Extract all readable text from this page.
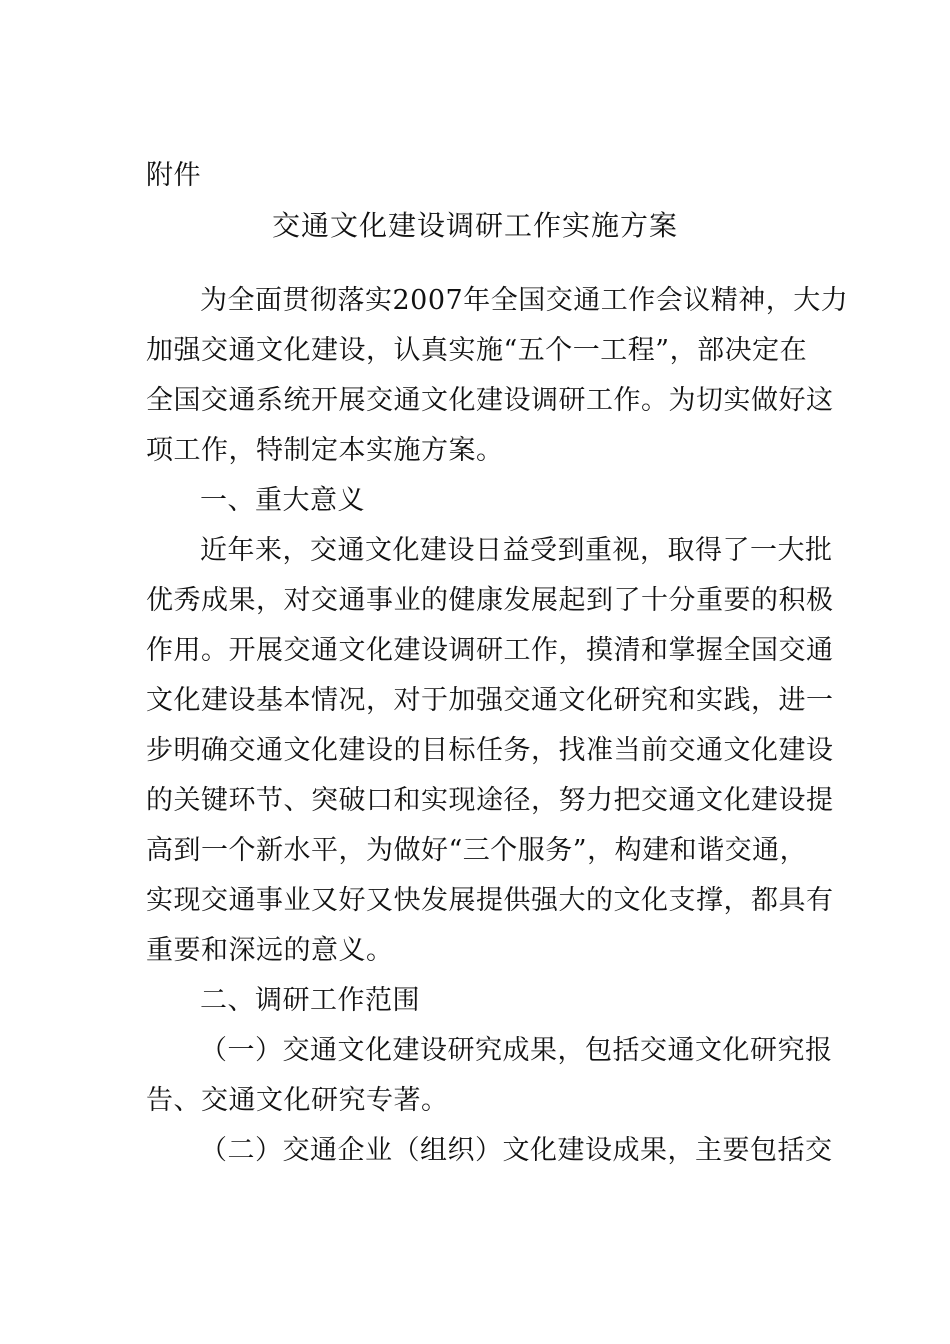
附件
交通文化建设调研工作实施方案
为全面贯彻落实2007年全国交通工作会议精神，大力
加强交通文化建设，认真实施“五个一工程”，部决定在
全国交通系统开展交通文化建设调研工作。为切实做好这
项工作，特制定本实施方案。
一、重大意义
近年来，交通文化建设日益受到重视，取得了一大批
优秀成果，对交通事业的健康发展起到了十分重要的积极
作用。开展交通文化建设调研工作，摸清和掌握全国交通
文化建设基本情况，对于加强交通文化研究和实践，进一
步明确交通文化建设的目标任务，找准当前交通文化建设
的关键环节、突破口和实现途径，努力把交通文化建设提
高到一个新水平，为做好“三个服务”，构建和谐交通，
实现交通事业又好又快发展提供强大的文化支撑，都具有
重要和深远的意义。
二、调研工作范围
（一）交通文化建设研究成果，包括交通文化研究报
告、交通文化研究专著。
（二）交通企业（组织）文化建设成果，主要包括交
